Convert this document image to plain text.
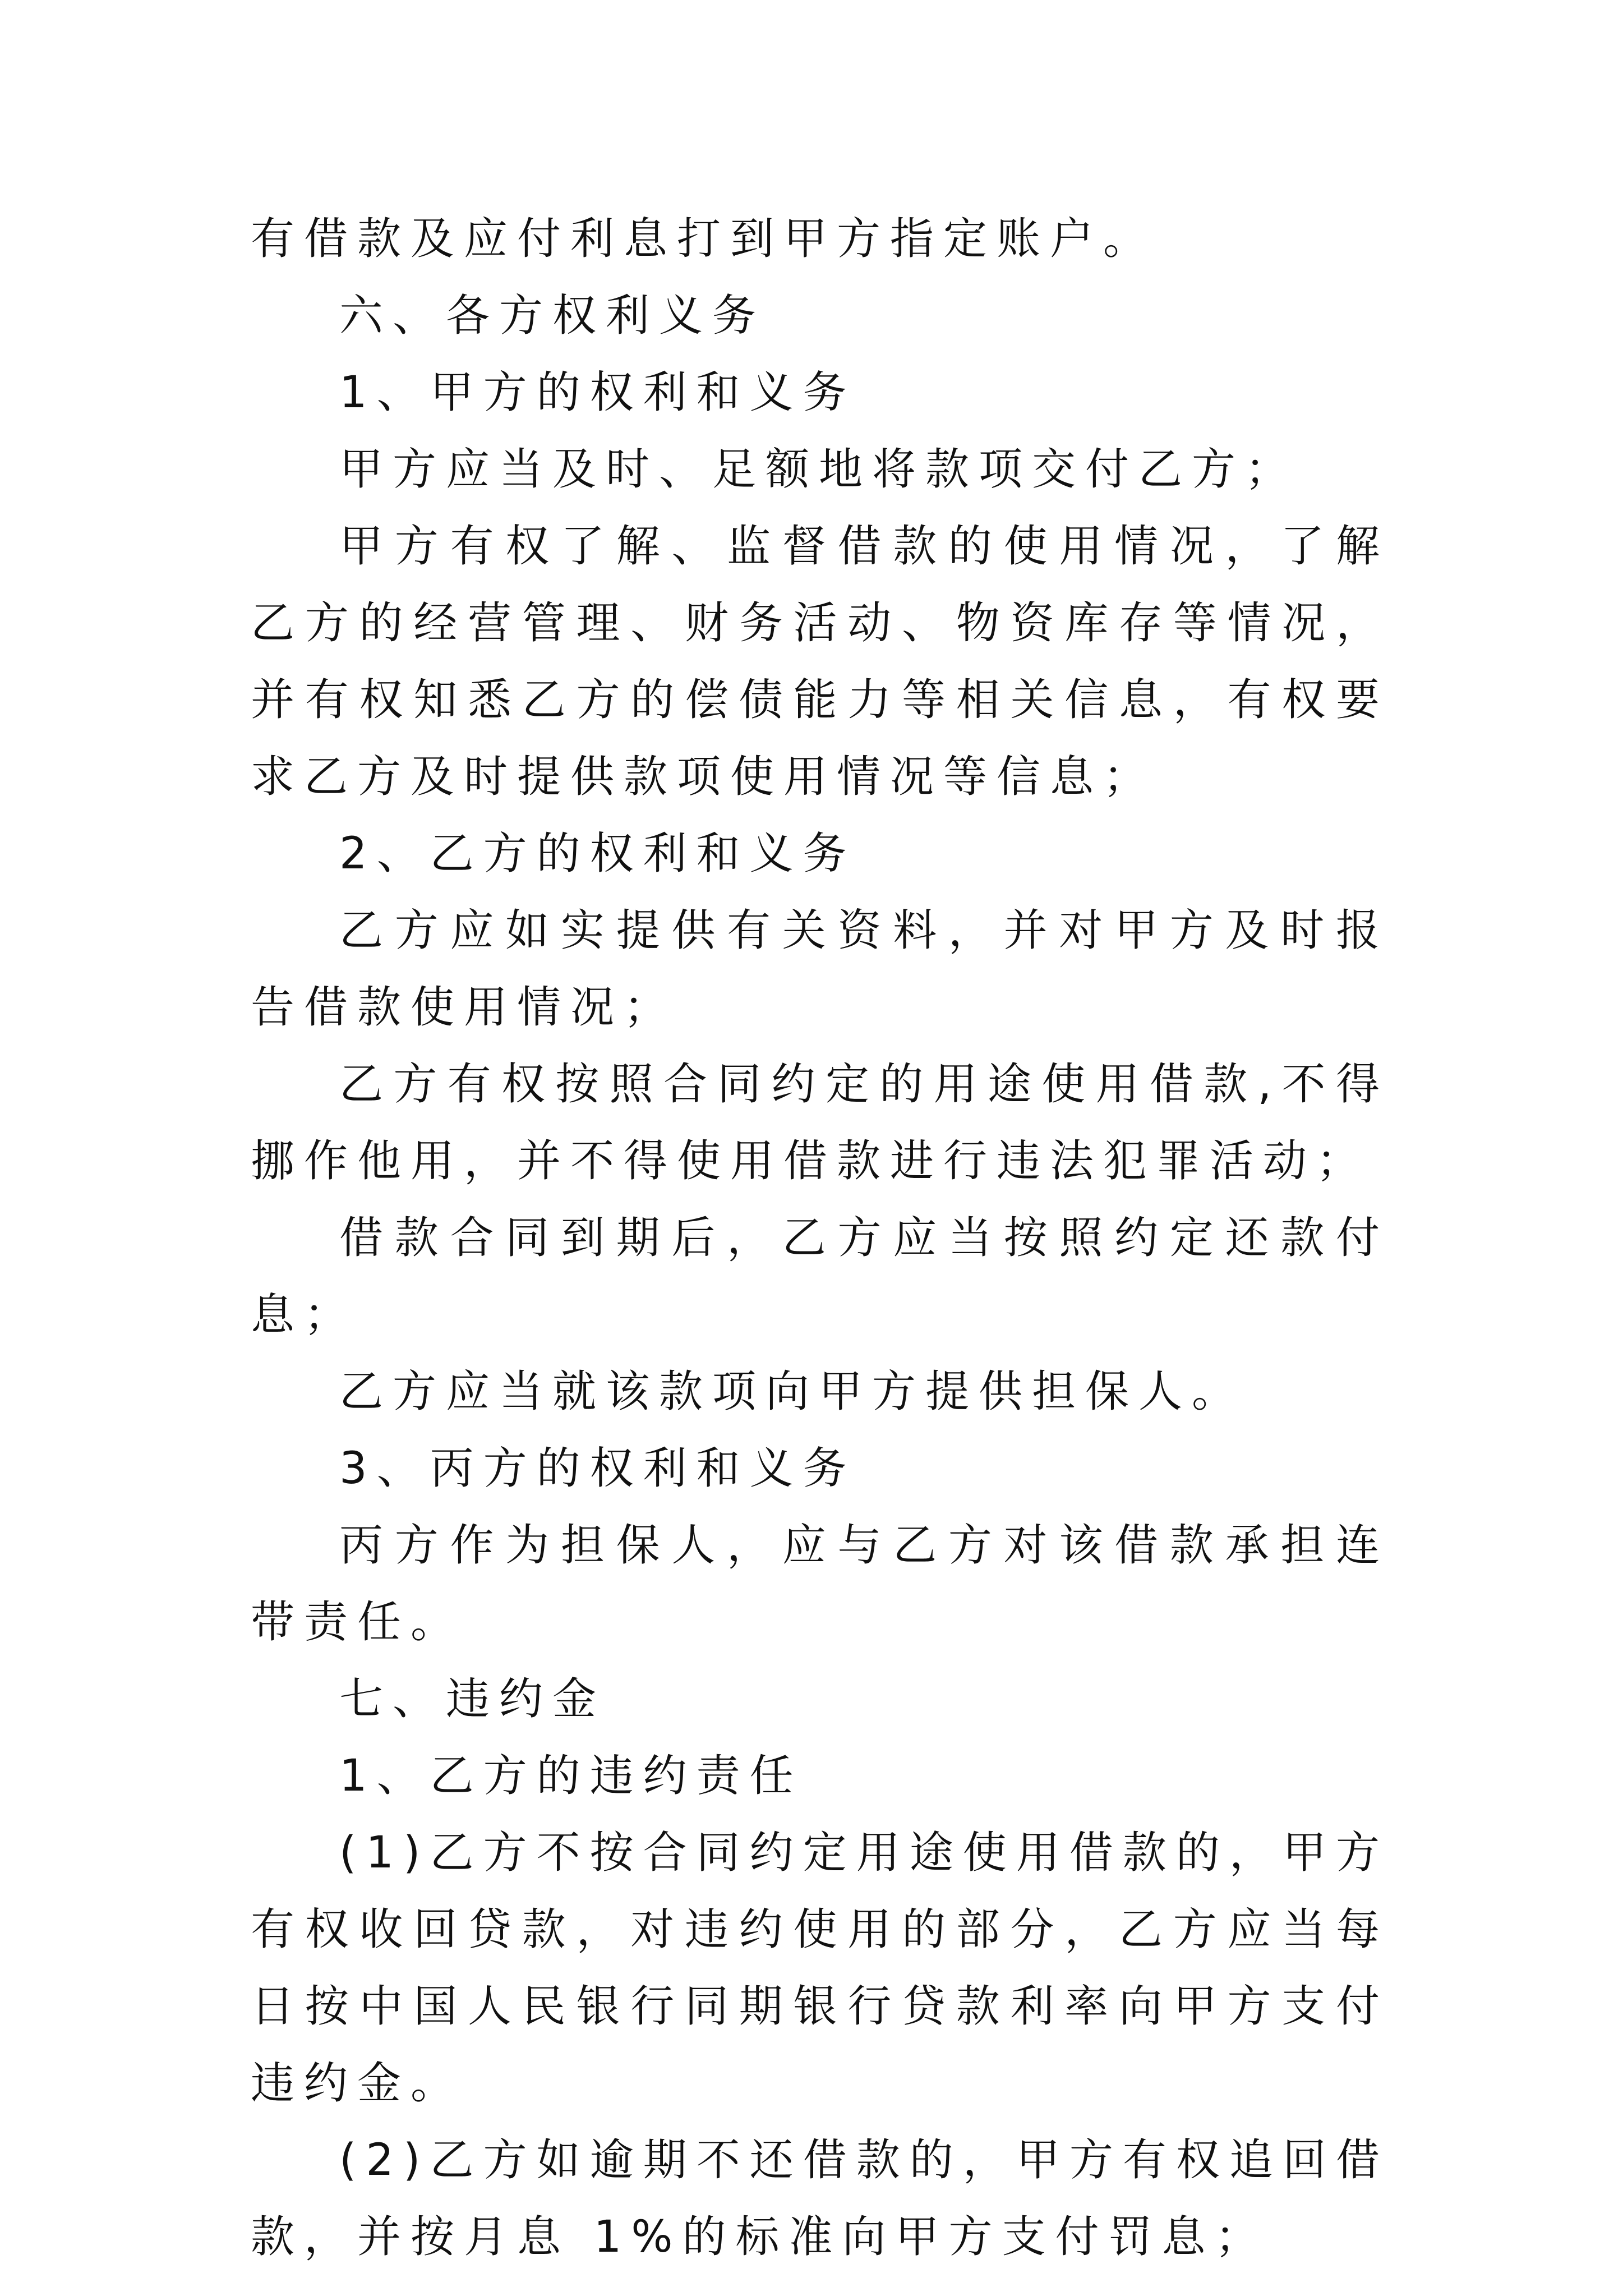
有借款及应付利息打到甲方指定账户。

六、各方权利义务

1、甲方的权利和义务

甲方应当及时、足额地将款项交付乙方；

甲方有权了解、监督借款的使用情况，了解乙方的经营管理、财务活动、物资库存等情况，并有权知悉乙方的偿债能力等相关信息，有权要求乙方及时提供款项使用情况等信息；

2、乙方的权利和义务

乙方应如实提供有关资料，并对甲方及时报告借款使用情况；

乙方有权按照合同约定的用途使用借款,不得挪作他用，并不得使用借款进行违法犯罪活动；

借款合同到期后，乙方应当按照约定还款付息；

乙方应当就该款项向甲方提供担保人。

3、丙方的权利和义务

丙方作为担保人，应与乙方对该借款承担连带责任。

七、违约金

1、乙方的违约责任

(1)乙方不按合同约定用途使用借款的，甲方有权收回贷款，对违约使用的部分，乙方应当每日按中国人民银行同期银行贷款利率向甲方支付违约金。

(2)乙方如逾期不还借款的，甲方有权追回借款，并按月息 1%的标准向甲方支付罚息；
